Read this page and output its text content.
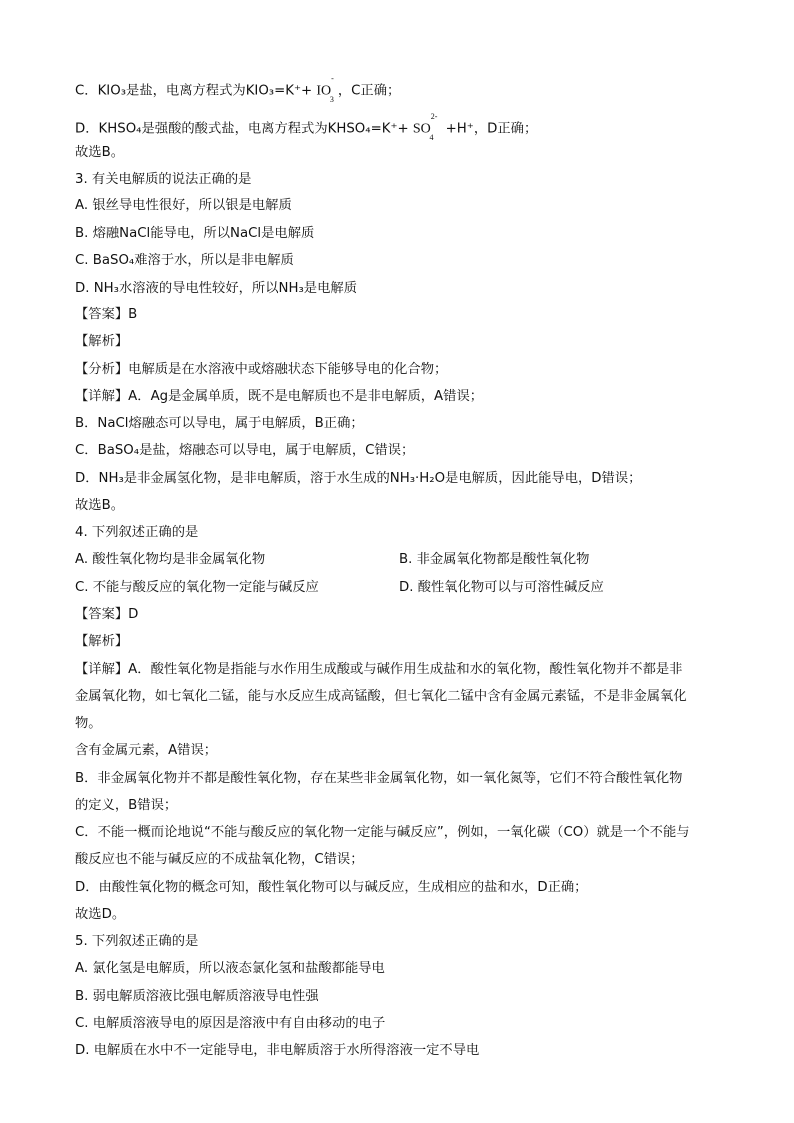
C．KIO₃是盐，电离方程式为$KIO_3=K^++ IO^-_3$，C正确；
D．KHSO₄是强酸的酸式盐，电离方程式为KHSO₄=K⁺+ $SO^{2-}_4 +H^+$，D正确；
故选B。
3. 有关电解质的说法正确的是
A. 银丝导电性很好，所以银是电解质
B. 熔融NaCl能导电，所以NaCl是电解质
C. BaSO₄难溶于水，所以是非电解质
D. NH₃水溶液的导电性较好，所以NH₃是电解质
【答案】B
【解析】
【分析】电解质是在水溶液中或熔融状态下能够导电的化合物；
【详解】A．Ag是金属单质，既不是电解质也不是非电解质，A错误；
B．NaCl熔融态可以导电，属于电解质，B正确；
C．BaSO₄是盐，熔融态可以导电，属于电解质，C错误；
D．NH₃是非金属氢化物，是非电解质，溶于水生成的NH₃·H₂O是电解质，因此能导电，D错误；
故选B。
4. 下列叙述正确的是
A. 酸性氧化物均是非金属氧化物	B. 非金属氧化物都是酸性氧化物
C. 不能与酸反应的氧化物一定能与碱反应	D. 酸性氧化物可以与可溶性碱反应
【答案】D
【解析】
【详解】A．酸性氧化物是指能与水作用生成酸或与碱作用生成盐和水的氧化物，酸性氧化物并不都是非
金属氧化物，如七氧化二锰，能与水反应生成高锰酸，但七氧化二锰中含有金属元素锰，不是非金属氧化
物。
含有金属元素，A错误；
B．非金属氧化物并不都是酸性氧化物，存在某些非金属氧化物，如一氧化氮等，它们不符合酸性氧化物
的定义，B错误；
C．不能一概而论地说“不能与酸反应的氧化物一定能与碱反应”，例如，一氧化碳（CO）就是一个不能与
酸反应也不能与碱反应的不成盐氧化物，C错误；
D．由酸性氧化物的概念可知，酸性氧化物可以与碱反应，生成相应的盐和水，D正确；
故选D。
5. 下列叙述正确的是
A. 氯化氢是电解质，所以液态氯化氢和盐酸都能导电
B. 弱电解质溶液比强电解质溶液导电性强
C. 电解质溶液导电的原因是溶液中有自由移动的电子
D. 电解质在水中不一定能导电，非电解质溶于水所得溶液一定不导电
